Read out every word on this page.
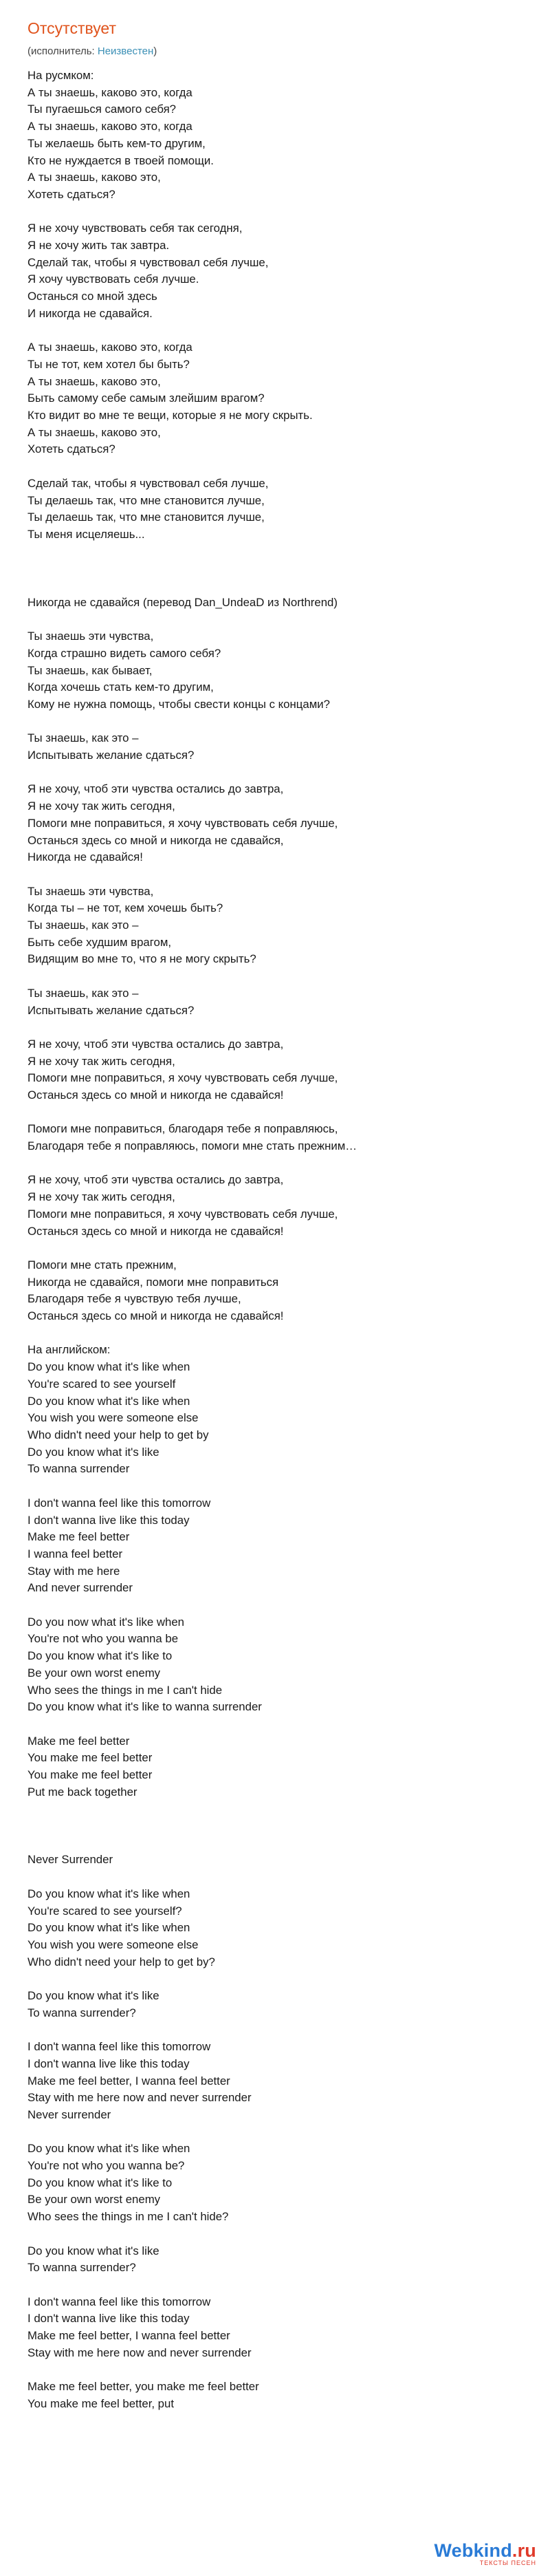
Отсутствует
(исполнитель: Неизвестен)
На русмком:
А ты знаешь, каково это, когда
Ты пугаешься самого себя?
А ты знаешь, каково это, когда
Ты желаешь быть кем-то другим,
Кто не нуждается в твоей помощи.
А ты знаешь, каково это,
Хотеть сдаться?
Я не хочу чувствовать себя так сегодня,
Я не хочу жить так завтра.
Сделай так, чтобы я чувствовал себя лучше,
Я хочу чувствовать себя лучше.
Останься со мной здесь
И никогда не сдавайся.
А ты знаешь, каково это, когда
Ты не тот, кем хотел бы быть?
А ты знаешь, каково это,
Быть самому себе самым злейшим врагом?
Кто видит во мне те вещи, которые я не могу скрыть.
А ты знаешь, каково это,
Хотеть сдаться?
Сделай так, чтобы я чувствовал себя лучше,
Ты делаешь так, что мне становится лучше,
Ты делаешь так, что мне становится лучше,
Ты меня исцеляешь...
Никогда не сдавайся (перевод Dan_UndeaD из Northrend)
Ты знаешь эти чувства,
Когда страшно видеть самого себя?
Ты знаешь, как бывает,
Когда хочешь стать кем-то другим,
Кому не нужна помощь, чтобы свести концы с концами?
Ты знаешь, как это –
Испытывать желание сдаться?
Я не хочу, чтоб эти чувства остались до завтра,
Я не хочу так жить сегодня,
Помоги мне поправиться, я хочу чувствовать себя лучше,
Останься здесь со мной и никогда не сдавайся,
Никогда не сдавайся!
Ты знаешь эти чувства,
Когда ты – не тот, кем хочешь быть?
Ты знаешь, как это –
Быть себе худшим врагом,
Видящим во мне то, что я не могу скрыть?
Ты знаешь, как это –
Испытывать желание сдаться?
Я не хочу, чтоб эти чувства остались до завтра,
Я не хочу так жить сегодня,
Помоги мне поправиться, я хочу чувствовать себя лучше,
Останься здесь со мной и никогда не сдавайся!
Помоги мне поправиться, благодаря тебе я поправляюсь,
Благодаря тебе я поправляюсь, помоги мне стать прежним…
Я не хочу, чтоб эти чувства остались до завтра,
Я не хочу так жить сегодня,
Помоги мне поправиться, я хочу чувствовать себя лучше,
Останься здесь со мной и никогда не сдавайся!
Помоги мне стать прежним,
Никогда не сдавайся, помоги мне поправиться
Благодаря тебе я чувствую тебя лучше,
Останься здесь со мной и никогда не сдавайся!
На английском:
Do you know what it's like when
You're scared to see yourself
Do you know what it's like when
You wish you were someone else
Who didn't need your help to get by
Do you know what it's like
To wanna surrender
I don't wanna feel like this tomorrow
I don't wanna live like this today
Make me feel better
I wanna feel better
Stay with me here
And never surrender
Do you now what it's like when
You're not who you wanna be
Do you know what it's like to
Be your own worst enemy
Who sees the things in me I can't hide
Do you know what it's like to wanna surrender
Make me feel better
You make me feel better
You make me feel better
Put me back together
Never Surrender
Do you know what it's like when
You're scared to see yourself?
Do you know what it's like when
You wish you were someone else
Who didn't need your help to get by?
Do you know what it's like
To wanna surrender?
I don't wanna feel like this tomorrow
I don't wanna live like this today
Make me feel better, I wanna feel better
Stay with me here now and never surrender
Never surrender
Do you know what it's like when
You're not who you wanna be?
Do you know what it's like to
Be your own worst enemy
Who sees the things in me I can't hide?
Do you know what it's like
To wanna surrender?
I don't wanna feel like this tomorrow
I don't wanna live like this today
Make me feel better, I wanna feel better
Stay with me here now and never surrender
Make me feel better, you make me feel better
You make me feel better, put
Webkind.ru
ТЕКСТЫ ПЕСЕН
